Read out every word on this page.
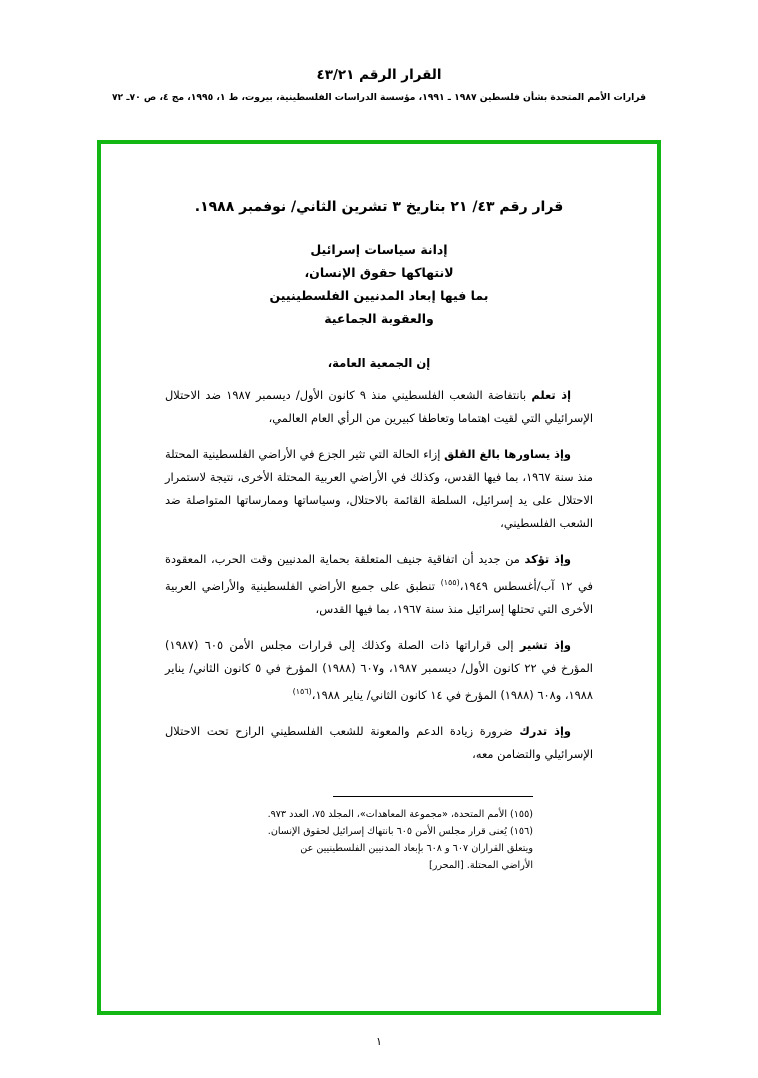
القرار الرقم ٤٣/٢١
قرارات الأمم المتحدة بشأن فلسطين ١٩٨٧ ـ ١٩٩١، مؤسسة الدراسات الفلسطينية، بيروت، ط ١، ١٩٩٥، مج ٤، ص ٧٠ـ ٧٢
قرار رقم ٤٣/ ٢١ بتاريخ ٣ تشرين الثاني/ نوفمبر ١٩٨٨.
إدانة سياسات إسرائيل
لانتهاكها حقوق الإنسان،
بما فيها إبعاد المدنيين الفلسطينيين
والعقوبة الجماعية
إن الجمعية العامة،

إذ تعلم بانتفاضة الشعب الفلسطيني منذ ٩ كانون الأول/ ديسمبر ١٩٨٧ ضد الاحتلال الإسرائيلي التي لقيت اهتماما وتعاطفا كبيرين من الرأي العام العالمي،

وإذ يساورها بالغ القلق إزاء الحالة التي تثير الجزع في الأراضي الفلسطينية المحتلة منذ سنة ١٩٦٧، بما فيها القدس، وكذلك في الأراضي العربية المحتلة الأخرى، نتيجة لاستمرار الاحتلال على يد إسرائيل، السلطة القائمة بالاحتلال، وسياساتها وممارساتها المتواصلة ضد الشعب الفلسطيني،

وإذ تؤكد من جديد أن اتفاقية جنيف المتعلقة بحماية المدنيين وقت الحرب، المعقودة في ١٢ آب/أغسطس ١٩٤٩،$^{(١٥٥)}$ تنطبق على جميع الأراضي الفلسطينية والأراضي العربية الأخرى التي تحتلها إسرائيل منذ سنة ١٩٦٧، بما فيها القدس،

وإذ تشير إلى قراراتها ذات الصلة وكذلك إلى قرارات مجلس الأمن ٦٠٥ (١٩٨٧) المؤرخ في ٢٢ كانون الأول/ ديسمبر ١٩٨٧، و٦٠٧ (١٩٨٨) المؤرخ في ٥ كانون الثاني/ يناير ١٩٨٨، و٦٠٨ (١٩٨٨) المؤرخ في ١٤ كانون الثاني/ يناير ١٩٨٨،$^{(١٥٦)}$

وإذ تدرك ضرورة زيادة الدعم والمعونة للشعب الفلسطيني الرازح تحت الاحتلال الإسرائيلي والتضامن معه،

(١٥٥) الأمم المتحدة، «مجموعة المعاهدات»، المجلد ٧٥، العدد ٩٧٣.
(١٥٦) يُعنى قرار مجلس الأمن ٦٠٥ بانتهاك إسرائيل لحقوق الإنسان.
ويتعلق القراران ٦٠٧ و ٦٠٨ بإبعاد المدنيين الفلسطينيين عن
الأراضي المحتلة. [المحرر]
١
